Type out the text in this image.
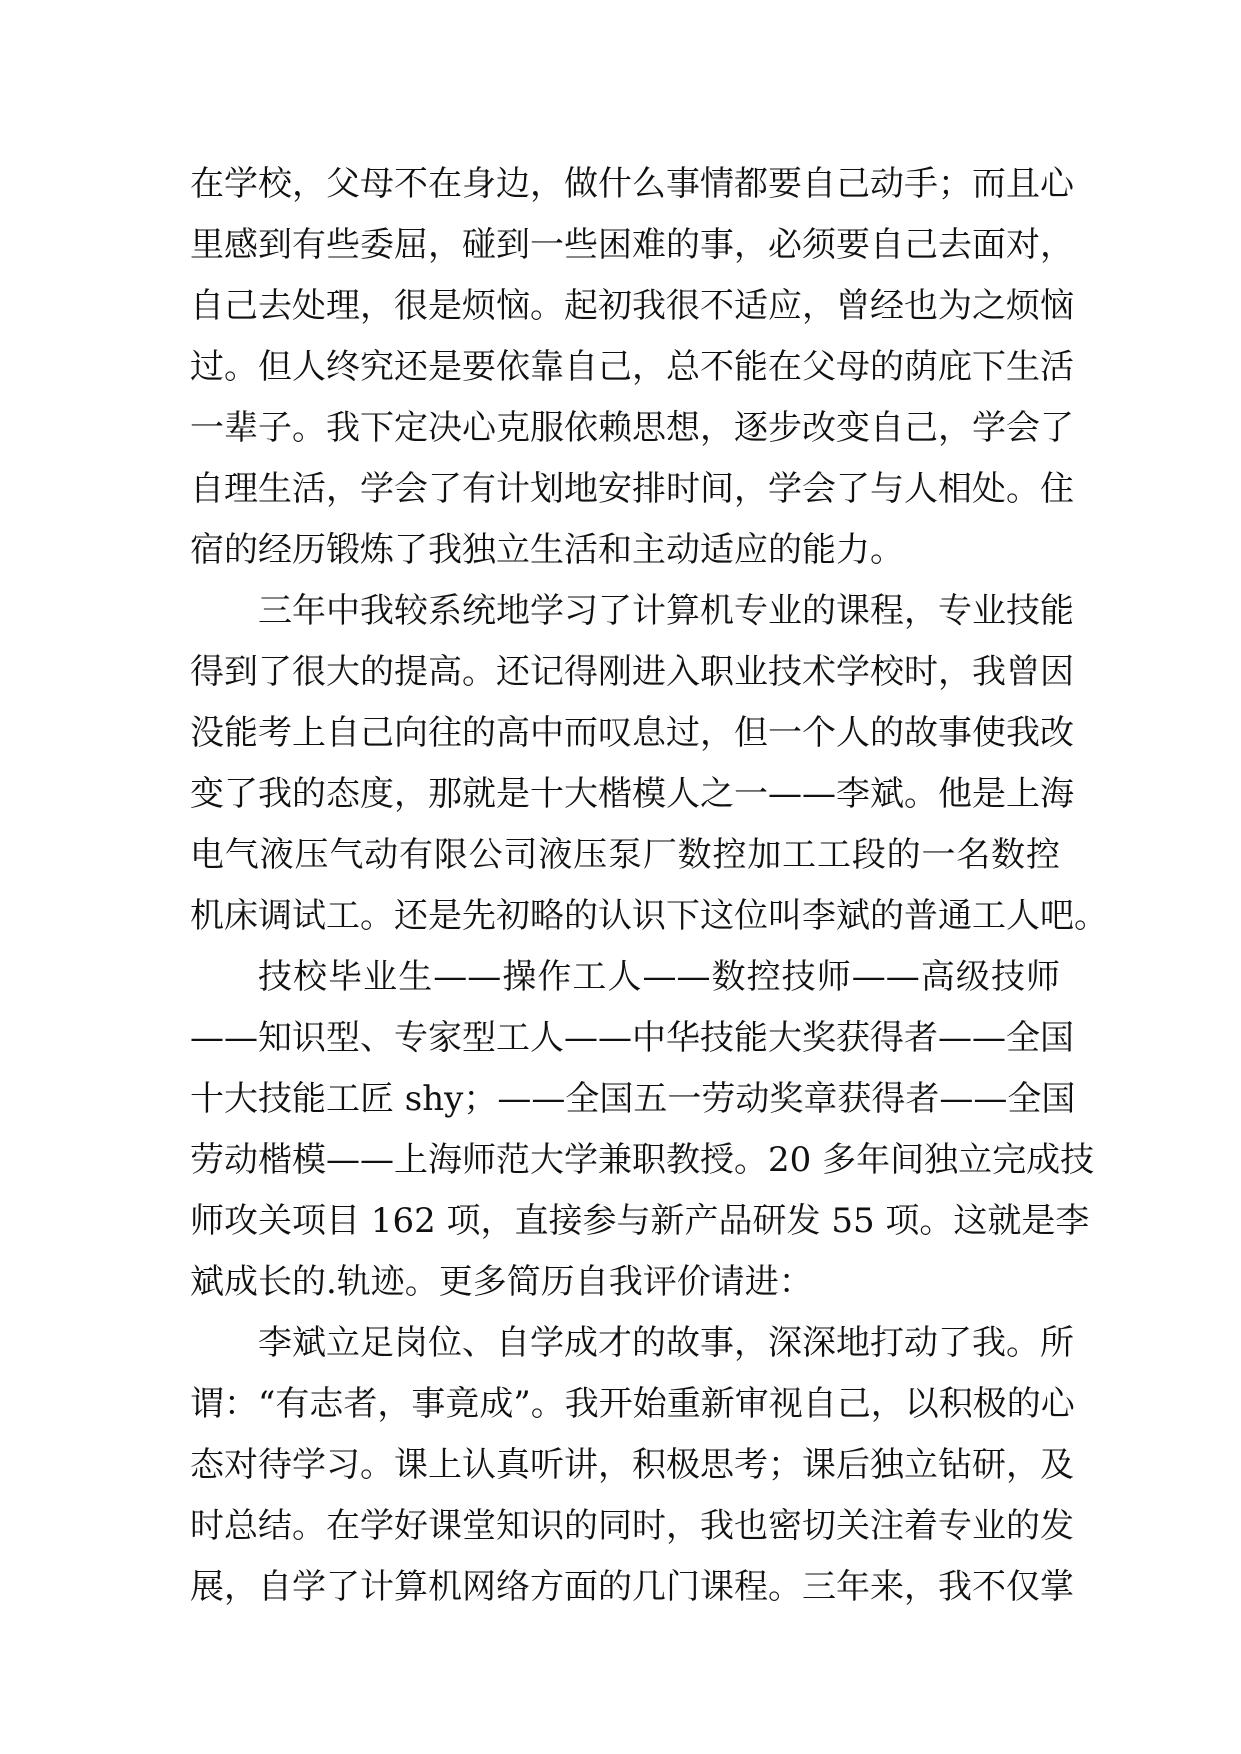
在学校，父母不在身边，做什么事情都要自己动手；而且心
里感到有些委屈，碰到一些困难的事，必须要自己去面对，
自己去处理，很是烦恼。起初我很不适应，曾经也为之烦恼
过。但人终究还是要依靠自己，总不能在父母的荫庇下生活
一辈子。我下定决心克服依赖思想，逐步改变自己，学会了
自理生活，学会了有计划地安排时间，学会了与人相处。住
宿的经历锻炼了我独立生活和主动适应的能力。
三年中我较系统地学习了计算机专业的课程，专业技能
得到了很大的提高。还记得刚进入职业技术学校时，我曾因
没能考上自己向往的高中而叹息过，但一个人的故事使我改
变了我的态度，那就是十大楷模人之一——李斌。他是上海
电气液压气动有限公司液压泵厂数控加工工段的一名数控
机床调试工。还是先初略的认识下这位叫李斌的普通工人吧。
技校毕业生——操作工人——数控技师——高级技师
——知识型、专家型工人——中华技能大奖获得者——全国
十大技能工匠 shy；——全国五一劳动奖章获得者——全国
劳动楷模——上海师范大学兼职教授。20 多年间独立完成技
师攻关项目 162 项，直接参与新产品研发 55 项。这就是李
斌成长的.轨迹。更多简历自我评价请进：
李斌立足岗位、自学成才的故事，深深地打动了我。所
谓：“有志者，事竟成”。我开始重新审视自己，以积极的心
态对待学习。课上认真听讲，积极思考；课后独立钻研，及
时总结。在学好课堂知识的同时，我也密切关注着专业的发
展，自学了计算机网络方面的几门课程。三年来，我不仅掌
